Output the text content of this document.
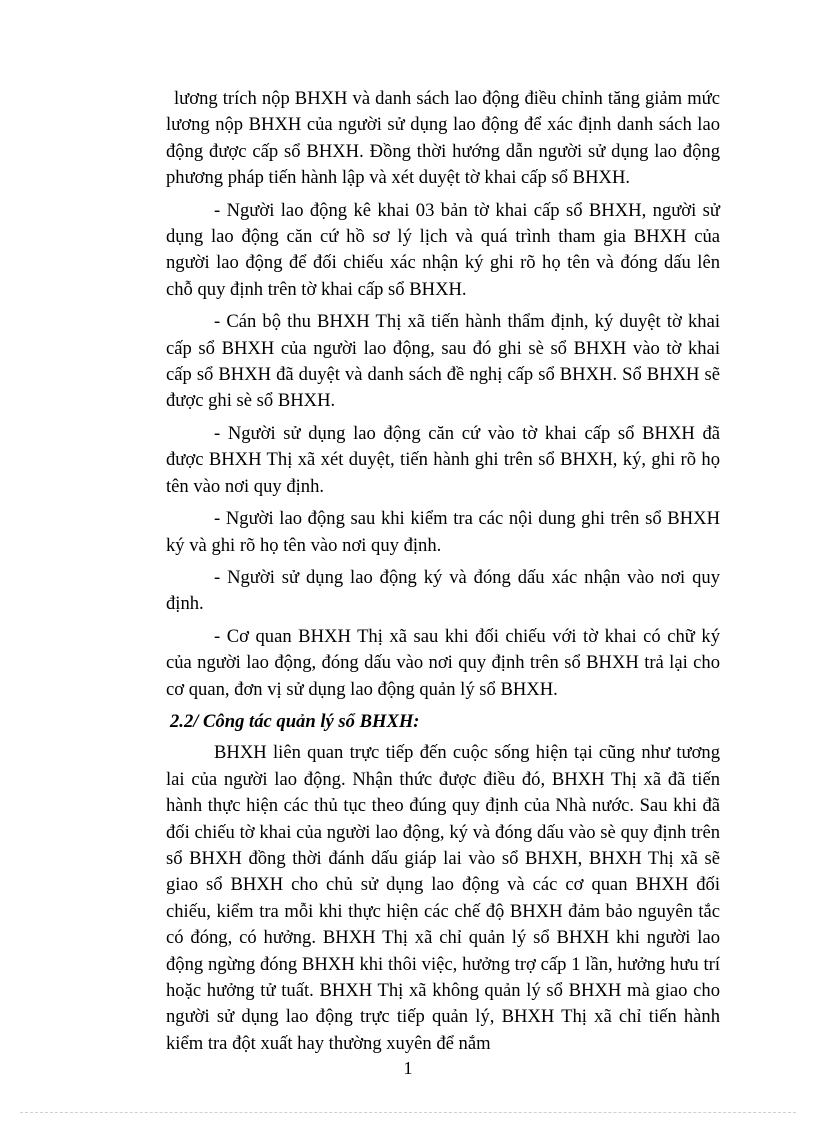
lương trích nộp BHXH và danh sách lao động điều chỉnh tăng giảm mức lương nộp BHXH của người sử dụng lao động để xác định danh sách lao động được cấp sổ BHXH. Đồng thời hướng dẫn người sử dụng lao động phương pháp tiến hành lập và xét duyệt tờ khai cấp sổ BHXH.

- Người lao động kê khai 03 bản tờ khai cấp sổ BHXH, người sử dụng lao động căn cứ hồ sơ lý lịch và quá trình tham gia BHXH của người lao động để đối chiếu xác nhận ký ghi rõ họ tên và đóng dấu lên chỗ quy định trên tờ khai cấp sổ BHXH.

- Cán bộ thu BHXH Thị xã tiến hành thẩm định, ký duyệt tờ khai cấp sổ BHXH của người lao động, sau đó ghi sè sổ BHXH vào tờ khai cấp sổ BHXH đã duyệt và danh sách đề nghị cấp sổ BHXH. Sổ BHXH sẽ được ghi sè sổ BHXH.

- Người sử dụng lao động căn cứ vào tờ khai cấp sổ BHXH đã được BHXH Thị xã xét duyệt, tiến hành ghi trên sổ BHXH, ký, ghi rõ họ tên vào nơi quy định.

- Người lao động sau khi kiểm tra các nội dung ghi trên sổ BHXH ký và ghi rõ họ tên vào nơi quy định.

- Người sử dụng lao động ký và đóng dấu xác nhận vào nơi quy định.

- Cơ quan BHXH Thị xã sau khi đối chiếu với tờ khai có chữ ký của người lao động, đóng dấu vào nơi quy định trên sổ BHXH trả lại cho cơ quan, đơn vị sử dụng lao động quản lý sổ BHXH.

2.2/ Công tác quản lý sổ BHXH:

BHXH liên quan trực tiếp đến cuộc sống hiện tại cũng như tương lai của người lao động. Nhận thức được điều đó, BHXH Thị xã đã tiến hành thực hiện các thủ tục theo đúng quy định của Nhà nước. Sau khi đã đối chiếu tờ khai của người lao động, ký và đóng dấu vào sè quy định trên sổ BHXH đồng thời đánh dấu giáp lai vào sổ BHXH, BHXH Thị xã sẽ giao sổ BHXH cho chủ sử dụng lao động và các cơ quan BHXH đối chiếu, kiểm tra mỗi khi thực hiện các chế độ BHXH đảm bảo nguyên tắc có đóng, có hưởng. BHXH Thị xã chỉ quản lý sổ BHXH khi người lao động ngừng đóng BHXH khi thôi việc, hưởng trợ cấp 1 lần, hưởng hưu trí hoặc hưởng tử tuất. BHXH Thị xã không quản lý sổ BHXH mà giao cho người sử dụng lao động trực tiếp quản lý, BHXH Thị xã chỉ tiến hành kiểm tra đột xuất hay thường xuyên để nắm

1
